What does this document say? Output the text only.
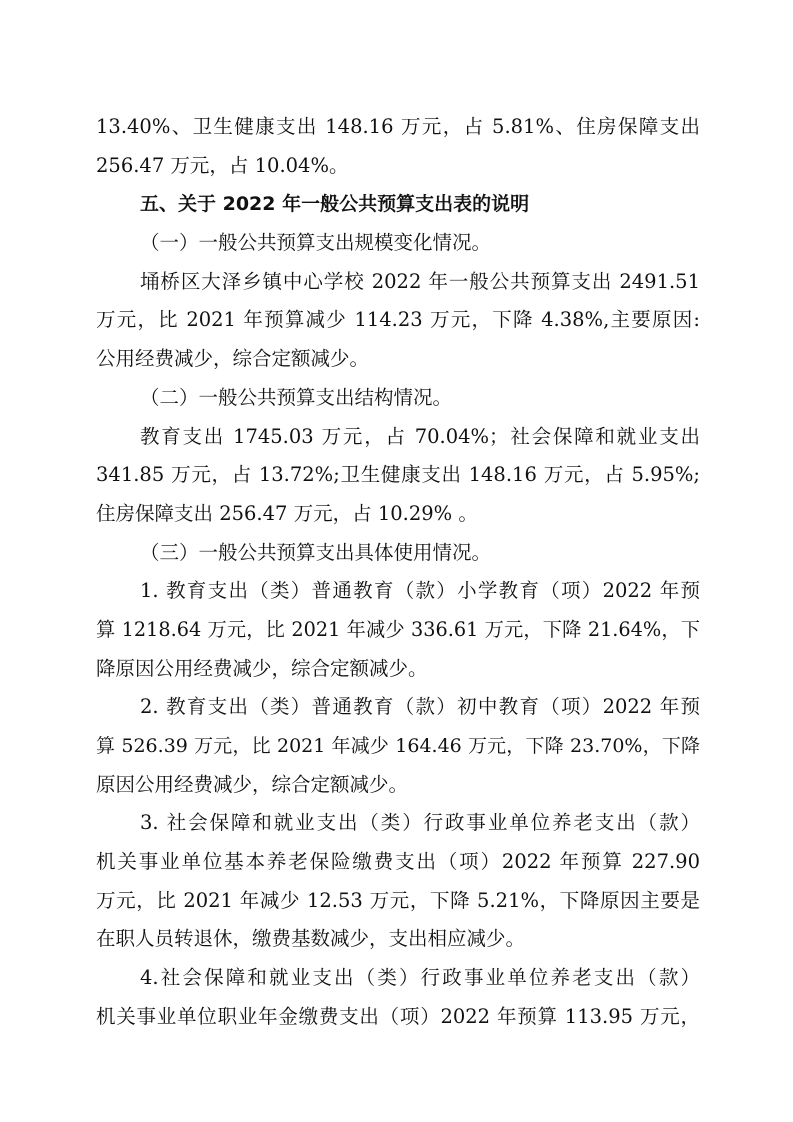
13.40%、卫生健康支出 148.16 万元，占 5.81%、住房保障支出
256.47 万元，占 10.04%。
五、关于 2022 年一般公共预算支出表的说明
（一）一般公共预算支出规模变化情况。
埇桥区大泽乡镇中心学校 2022 年一般公共预算支出 2491.51
万元，比 2021 年预算减少 114.23 万元，下降 4.38%,主要原因:
公用经费减少，综合定额减少。
（二）一般公共预算支出结构情况。
教育支出 1745.03 万元，占 70.04%；社会保障和就业支出
341.85 万元，占 13.72%;卫生健康支出 148.16 万元，占 5.95%;
住房保障支出 256.47 万元，占 10.29% 。
（三）一般公共预算支出具体使用情况。
1. 教育支出（类）普通教育（款）小学教育（项）2022 年预
算 1218.64 万元，比 2021 年减少 336.61 万元，下降 21.64%，下
降原因公用经费减少，综合定额减少。
2. 教育支出（类）普通教育（款）初中教育（项）2022 年预
算 526.39 万元，比 2021 年减少 164.46 万元，下降 23.70%，下降
原因公用经费减少，综合定额减少。
3. 社会保障和就业支出（类）行政事业单位养老支出（款）
机关事业单位基本养老保险缴费支出（项）2022 年预算 227.90
万元，比 2021 年减少 12.53 万元，下降 5.21%，下降原因主要是
在职人员转退休，缴费基数减少，支出相应减少。
4.社会保障和就业支出（类）行政事业单位养老支出（款）
机关事业单位职业年金缴费支出（项）2022 年预算 113.95 万元，
